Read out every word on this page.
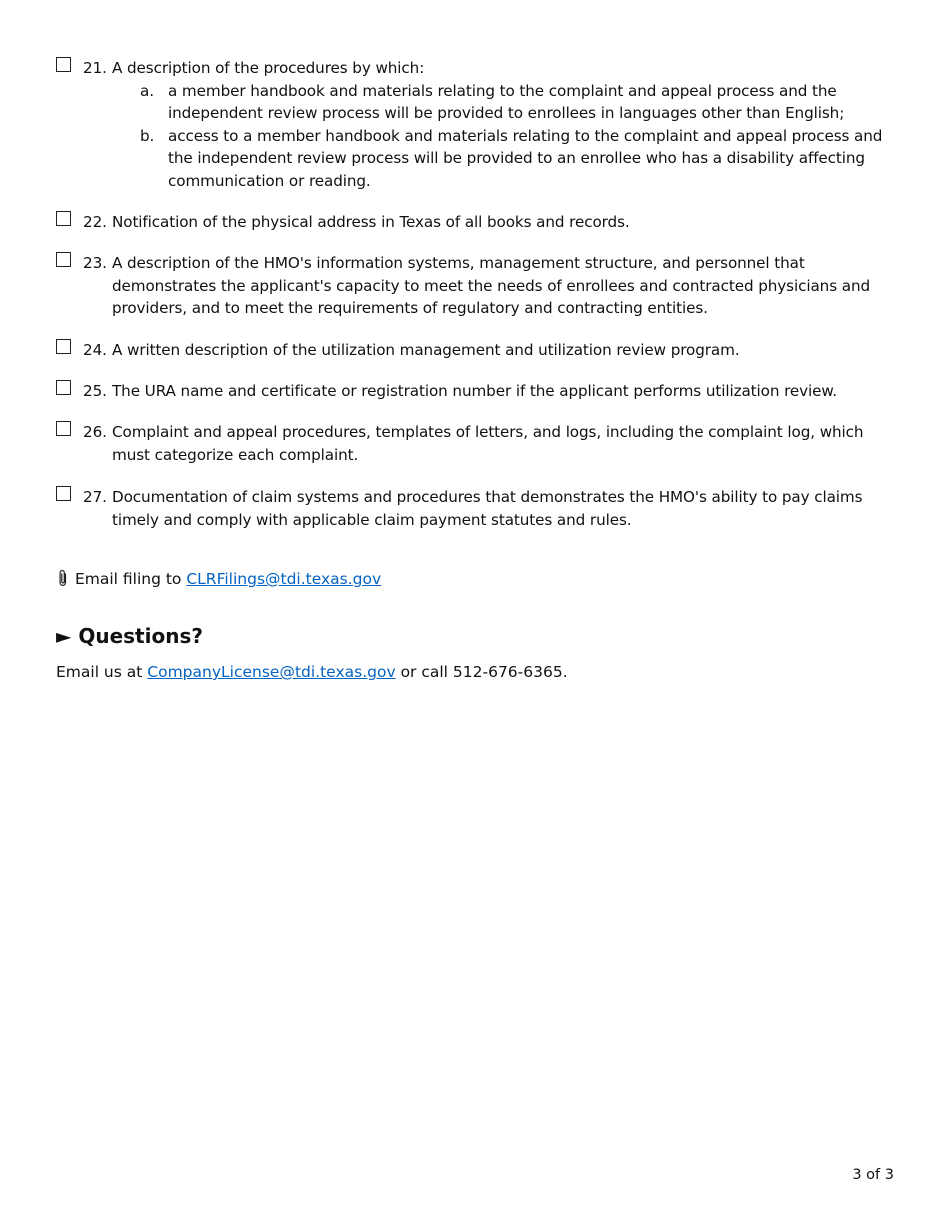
21. A description of the procedures by which:
a. a member handbook and materials relating to the complaint and appeal process and the independent review process will be provided to enrollees in languages other than English;
b. access to a member handbook and materials relating to the complaint and appeal process and the independent review process will be provided to an enrollee who has a disability affecting communication or reading.
22. Notification of the physical address in Texas of all books and records.
23. A description of the HMO's information systems, management structure, and personnel that demonstrates the applicant's capacity to meet the needs of enrollees and contracted physicians and providers, and to meet the requirements of regulatory and contracting entities.
24. A written description of the utilization management and utilization review program.
25. The URA name and certificate or registration number if the applicant performs utilization review.
26. Complaint and appeal procedures, templates of letters, and logs, including the complaint log, which must categorize each complaint.
27. Documentation of claim systems and procedures that demonstrates the HMO's ability to pay claims timely and comply with applicable claim payment statutes and rules.
Email filing to CLRFilings@tdi.texas.gov
► Questions?
Email us at CompanyLicense@tdi.texas.gov or call 512-676-6365.
3 of 3
